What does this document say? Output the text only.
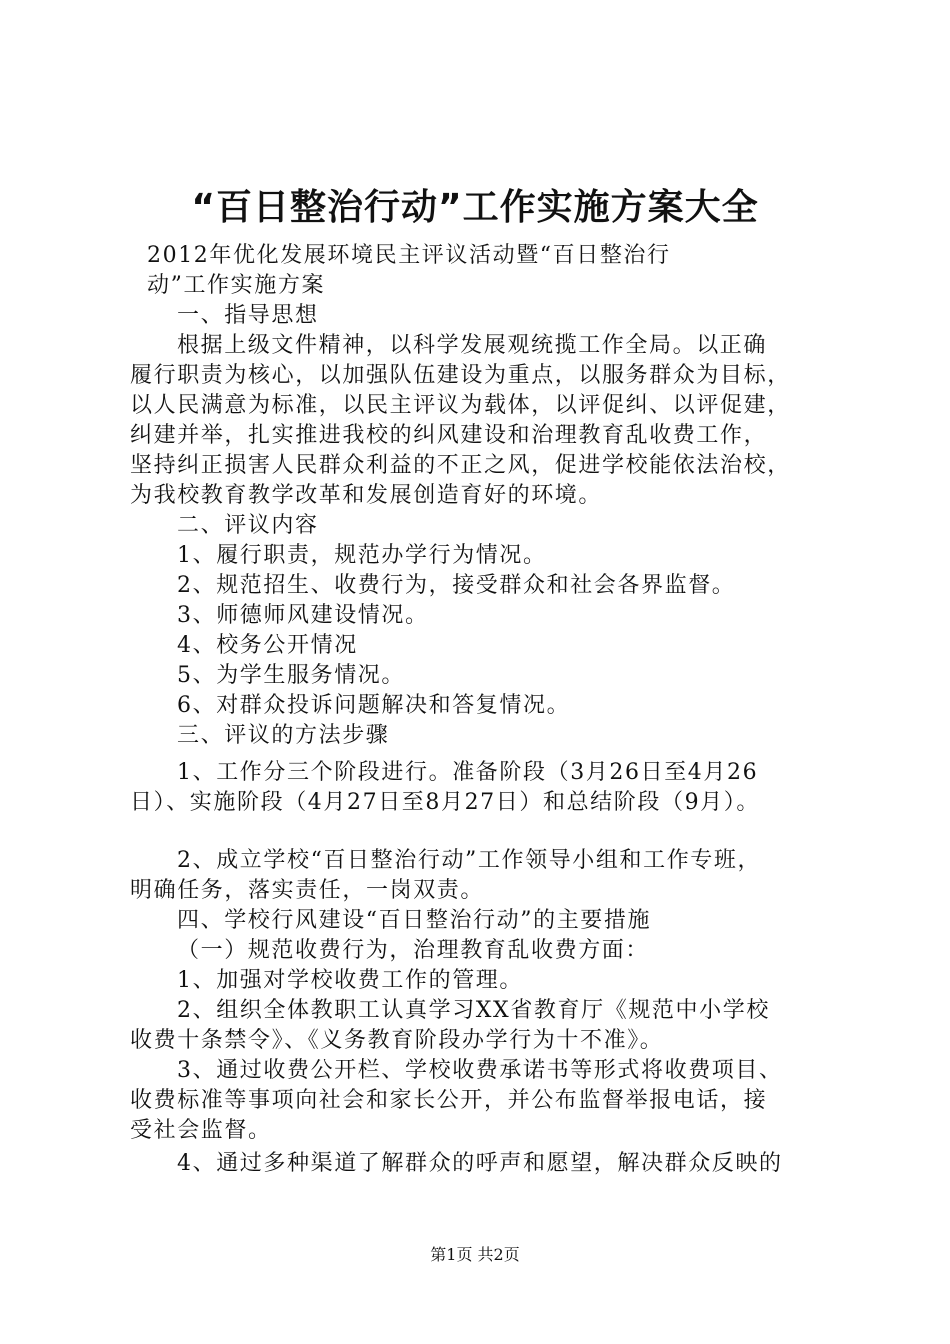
“百日整治行动”工作实施方案大全
2012年优化发展环境民主评议活动暨“百日整治行
动”工作实施方案
一、指导思想
根据上级文件精神，以科学发展观统揽工作全局。以正确
履行职责为核心，以加强队伍建设为重点，以服务群众为目标，
以人民满意为标准，以民主评议为载体，以评促纠、以评促建，
纠建并举，扎实推进我校的纠风建设和治理教育乱收费工作，
坚持纠正损害人民群众利益的不正之风，促进学校能依法治校，
为我校教育教学改革和发展创造育好的环境。
二、评议内容
1、履行职责，规范办学行为情况。
2、规范招生、收费行为，接受群众和社会各界监督。
3、师德师风建设情况。
4、校务公开情况
5、为学生服务情况。
6、对群众投诉问题解决和答复情况。
三、评议的方法步骤
1、工作分三个阶段进行。准备阶段（3月26日至4月26
日）、实施阶段（4月27日至8月27日）和总结阶段（9月）。
2、成立学校“百日整治行动”工作领导小组和工作专班，
明确任务，落实责任，一岗双责。
四、学校行风建设“百日整治行动”的主要措施
（一）规范收费行为，治理教育乱收费方面：
1、加强对学校收费工作的管理。
2、组织全体教职工认真学习XX省教育厅《规范中小学校
收费十条禁令》、《义务教育阶段办学行为十不准》。
3、通过收费公开栏、学校收费承诺书等形式将收费项目、
收费标准等事项向社会和家长公开，并公布监督举报电话，接
受社会监督。
4、通过多种渠道了解群众的呼声和愿望，解决群众反映的
第1页 共2页
